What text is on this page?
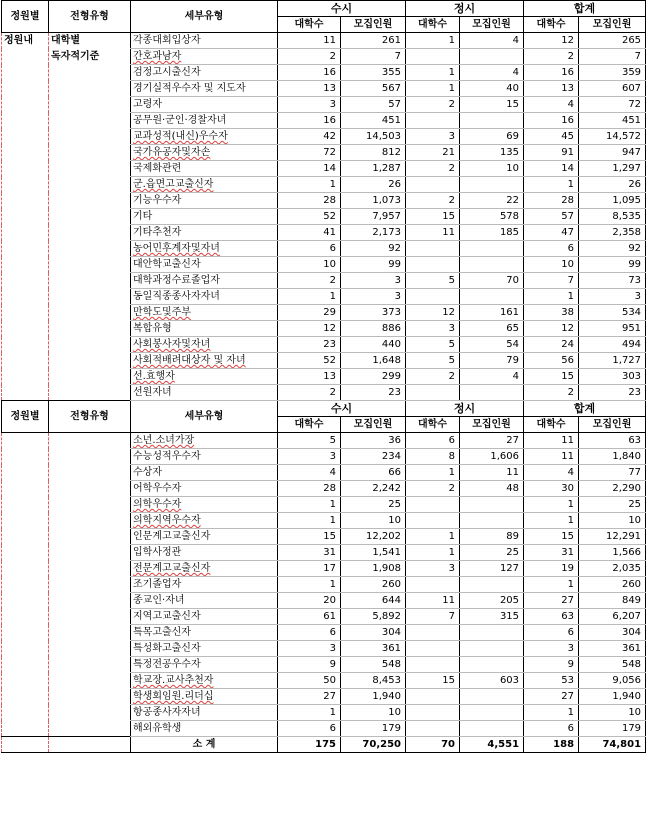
정원별	전형유형	세부유형	수시		정시		합계	
			대학수	모집인원	대학수	모집인원	대학수	모집인원
정원내	대학별	각종대회입상자	11	261	1	4	12	265
	독자적기준	간호과남자	2	7			2	7
		검정고시출신자	16	355	1	4	16	359
		경기실적우수자 및 지도자	13	567	1	40	13	607
		고령자	3	57	2	15	4	72
		공무원·군인·경찰자녀	16	451			16	451
		교과성적(내신)우수자	42	14,503	3	69	45	14,572
		국가유공자및자손	72	812	21	135	91	947
		국제화관련	14	1,287	2	10	14	1,297
		군.읍면고교출신자	1	26			1	26
		기능우수자	28	1,073	2	22	28	1,095
		기타	52	7,957	15	578	57	8,535
		기타추천자	41	2,173	11	185	47	2,358
		농어민후계자및자녀	6	92			6	92
		대안학교출신자	10	99			10	99
		대학과정수료졸업자	2	3	5	70	7	73
		동일직종종사자자녀	1	3			1	3
		만학도및주부	29	373	12	161	38	534
		복합유형	12	886	3	65	12	951
		사회봉사자및자녀	23	440	5	54	24	494
		사회적배려대상자 및 자녀	52	1,648	5	79	56	1,727
		선.효행자	13	299	2	4	15	303
		선원자녀	2	23			2	23
정원별	전형유형	세부유형	수시		정시		합계	
			대학수	모집인원	대학수	모집인원	대학수	모집인원
		소년.소녀가장	5	36	6	27	11	63
		수능성적우수자	3	234	8	1,606	11	1,840
		수상자	4	66	1	11	4	77
		어학우수자	28	2,242	2	48	30	2,290
		의학우수자	1	25			1	25
		의학지역우수자	1	10			1	10
		인문계고교출신자	15	12,202	1	89	15	12,291
		입학사정관	31	1,541	1	25	31	1,566
		전문계고교출신자	17	1,908	3	127	19	2,035
		조기졸업자	1	260			1	260
		종교인·자녀	20	644	11	205	27	849
		지역고교출신자	61	5,892	7	315	63	6,207
		특목고출신자	6	304			6	304
		특성화고출신자	3	361			3	361
		특정전공우수자	9	548			9	548
		학교장.교사추천자	50	8,453	15	603	53	9,056
		학생회임원.리더십	27	1,940			27	1,940
		항공종사자자녀	1	10			1	10
		해외유학생	6	179			6	179
		소 계	175	70,250	70	4,551	188	74,801
